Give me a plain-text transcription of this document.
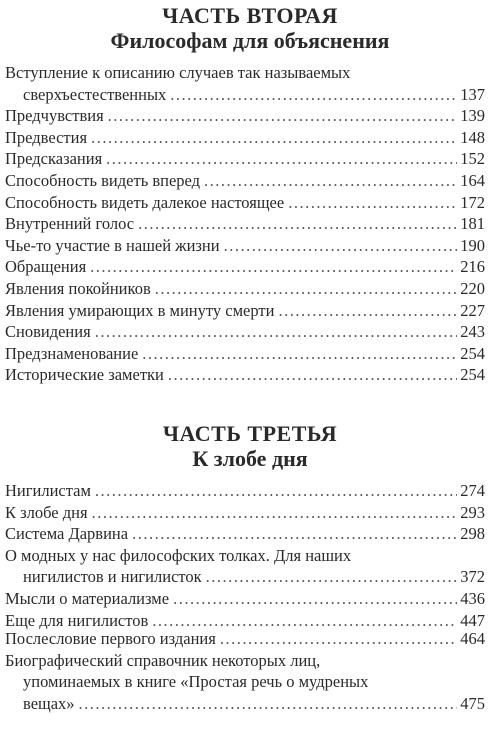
ЧАСТЬ ВТОРАЯ
Философам для объяснения
Вступление к описанию случаев так называемых
сверхъестественных .....	137
Предчувствия .....	139
Предвестия .....	148
Предсказания .....	152
Способность видеть вперед .....	164
Способность видеть далекое настоящее .....	172
Внутренний голос .....	181
Чье-то участие в нашей жизни .....	190
Обращения .....	216
Явления покойников .....	220
Явления умирающих в минуту смерти .....	227
Сновидения .....	243
Предзнаменование .....	254
Исторические заметки .....	254
ЧАСТЬ ТРЕТЬЯ
К злобе дня
Нигилистам .....	274
К злобе дня .....	293
Система Дарвина .....	298
О модных у нас философских толках. Для наших
нигилистов и нигилисток .....	372
Мысли о материализме .....	436
Еще для нигилистов .....	447
Послесловие первого издания .....	464
Биографический справочник некоторых лиц,
упоминаемых в книге «Простая речь о мудреных
вещах» .....	475
